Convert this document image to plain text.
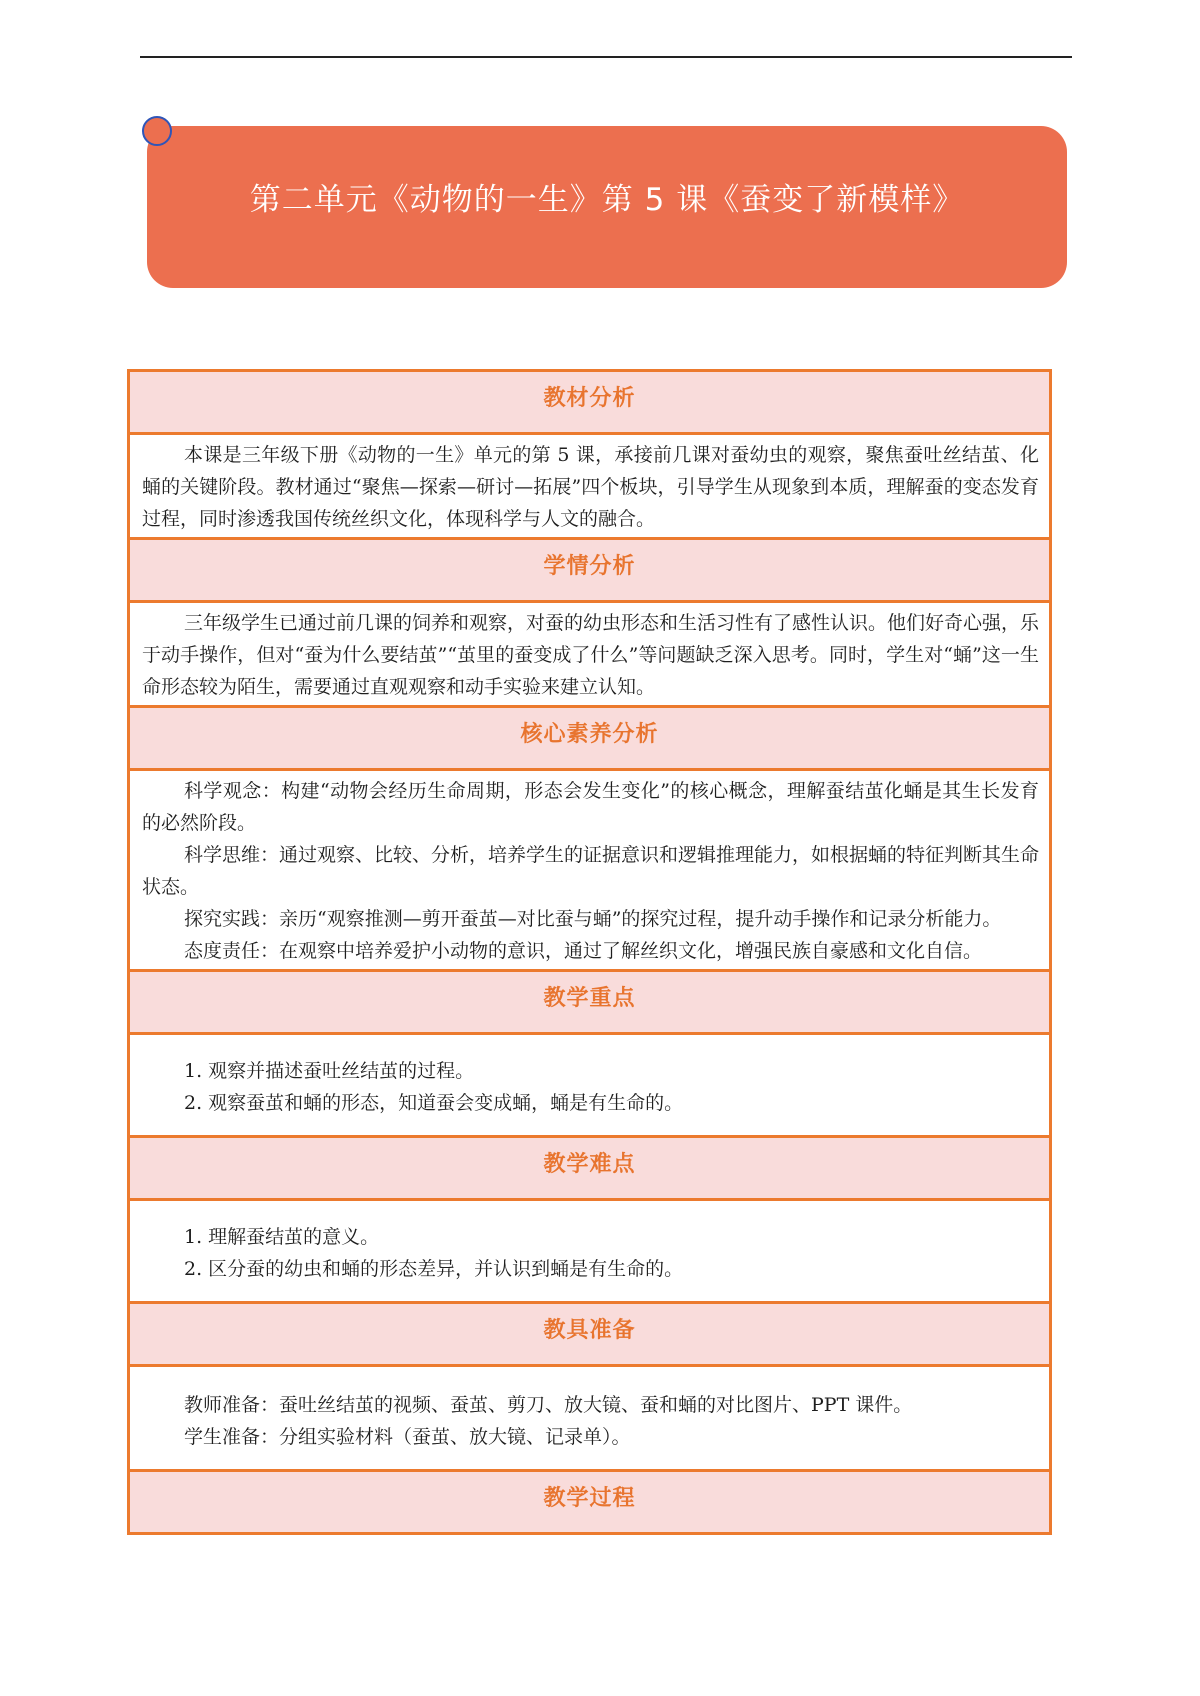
第二单元《动物的一生》第 5 课《蚕变了新模样》
教材分析

本课是三年级下册《动物的一生》单元的第 5 课，承接前几课对蚕幼虫的观察，聚焦蚕吐丝结茧、化蛹的关键阶段。教材通过“聚焦—探索—研讨—拓展”四个板块，引导学生从现象到本质，理解蚕的变态发育过程，同时渗透我国传统丝织文化，体现科学与人文的融合。

学情分析

三年级学生已通过前几课的饲养和观察，对蚕的幼虫形态和生活习性有了感性认识。他们好奇心强，乐于动手操作，但对“蚕为什么要结茧”“茧里的蚕变成了什么”等问题缺乏深入思考。同时，学生对“蛹”这一生命形态较为陌生，需要通过直观观察和动手实验来建立认知。

核心素养分析

科学观念：构建“动物会经历生命周期，形态会发生变化”的核心概念，理解蚕结茧化蛹是其生长发育的必然阶段。

科学思维：通过观察、比较、分析，培养学生的证据意识和逻辑推理能力，如根据蛹的特征判断其生命状态。

探究实践：亲历“观察推测—剪开蚕茧—对比蚕与蛹”的探究过程，提升动手操作和记录分析能力。

态度责任：在观察中培养爱护小动物的意识，通过了解丝织文化，增强民族自豪感和文化自信。

教学重点

1. 观察并描述蚕吐丝结茧的过程。

2. 观察蚕茧和蛹的形态，知道蚕会变成蛹，蛹是有生命的。

教学难点

1. 理解蚕结茧的意义。

2. 区分蚕的幼虫和蛹的形态差异，并认识到蛹是有生命的。

教具准备

教师准备：蚕吐丝结茧的视频、蚕茧、剪刀、放大镜、蚕和蛹的对比图片、PPT 课件。

学生准备：分组实验材料（蚕茧、放大镜、记录单）。

教学过程
